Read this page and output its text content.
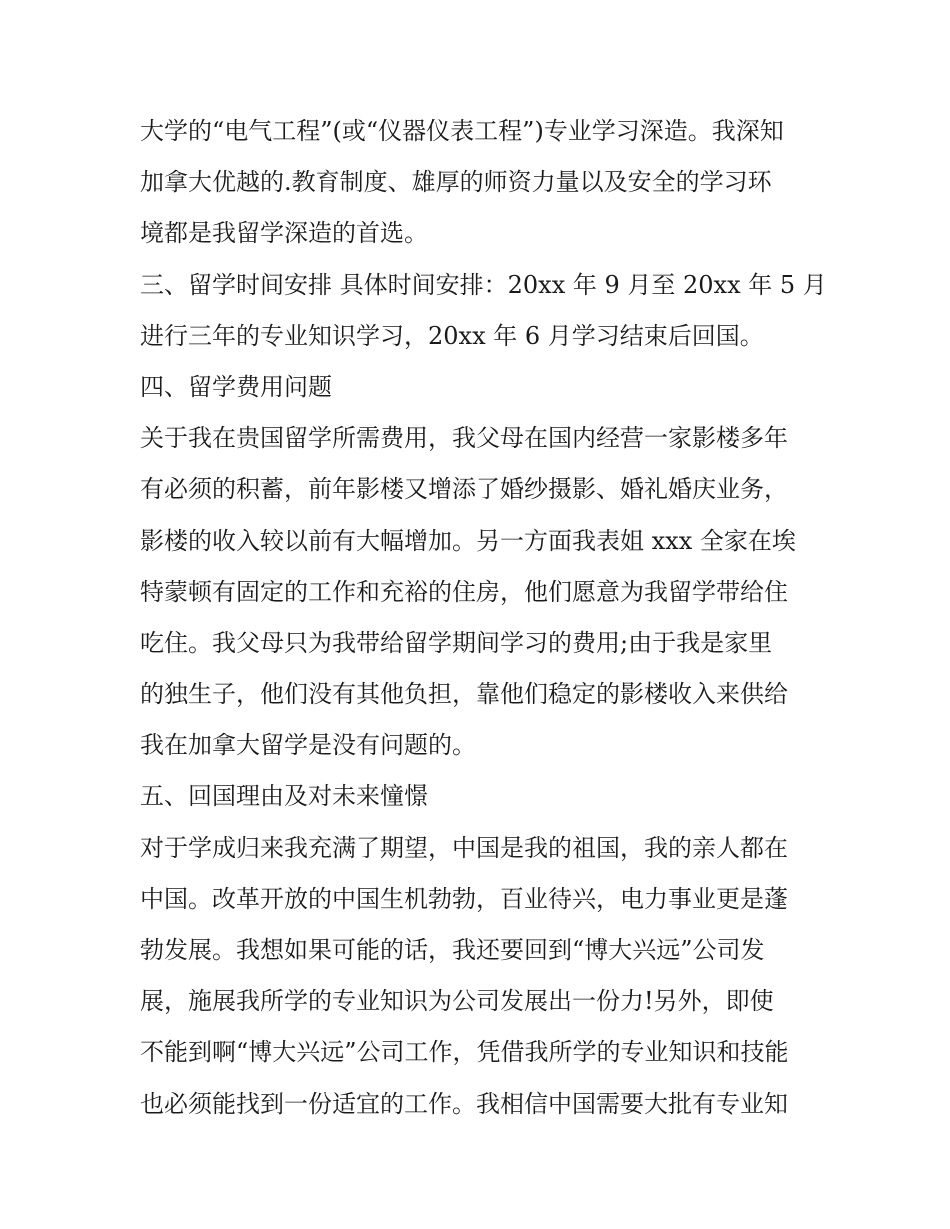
大学的“电气工程”(或“仪器仪表工程”)专业学习深造。我深知
加拿大优越的.教育制度、雄厚的师资力量以及安全的学习环
境都是我留学深造的首选。
三、留学时间安排 具体时间安排：20xx 年 9 月至 20xx 年 5 月
进行三年的专业知识学习，20xx 年 6 月学习结束后回国。
四、留学费用问题
关于我在贵国留学所需费用，我父母在国内经营一家影楼多年
有必须的积蓄，前年影楼又增添了婚纱摄影、婚礼婚庆业务，
影楼的收入较以前有大幅增加。另一方面我表姐 xxx 全家在埃
特蒙顿有固定的工作和充裕的住房，他们愿意为我留学带给住
吃住。我父母只为我带给留学期间学习的费用;由于我是家里
的独生子，他们没有其他负担，靠他们稳定的影楼收入来供给
我在加拿大留学是没有问题的。
五、回国理由及对未来憧憬
对于学成归来我充满了期望，中国是我的祖国，我的亲人都在
中国。改革开放的中国生机勃勃，百业待兴，电力事业更是蓬
勃发展。我想如果可能的话，我还要回到“博大兴远”公司发
展，施展我所学的专业知识为公司发展出一份力!另外，即使
不能到啊“博大兴远”公司工作，凭借我所学的专业知识和技能
也必须能找到一份适宜的工作。我相信中国需要大批有专业知
